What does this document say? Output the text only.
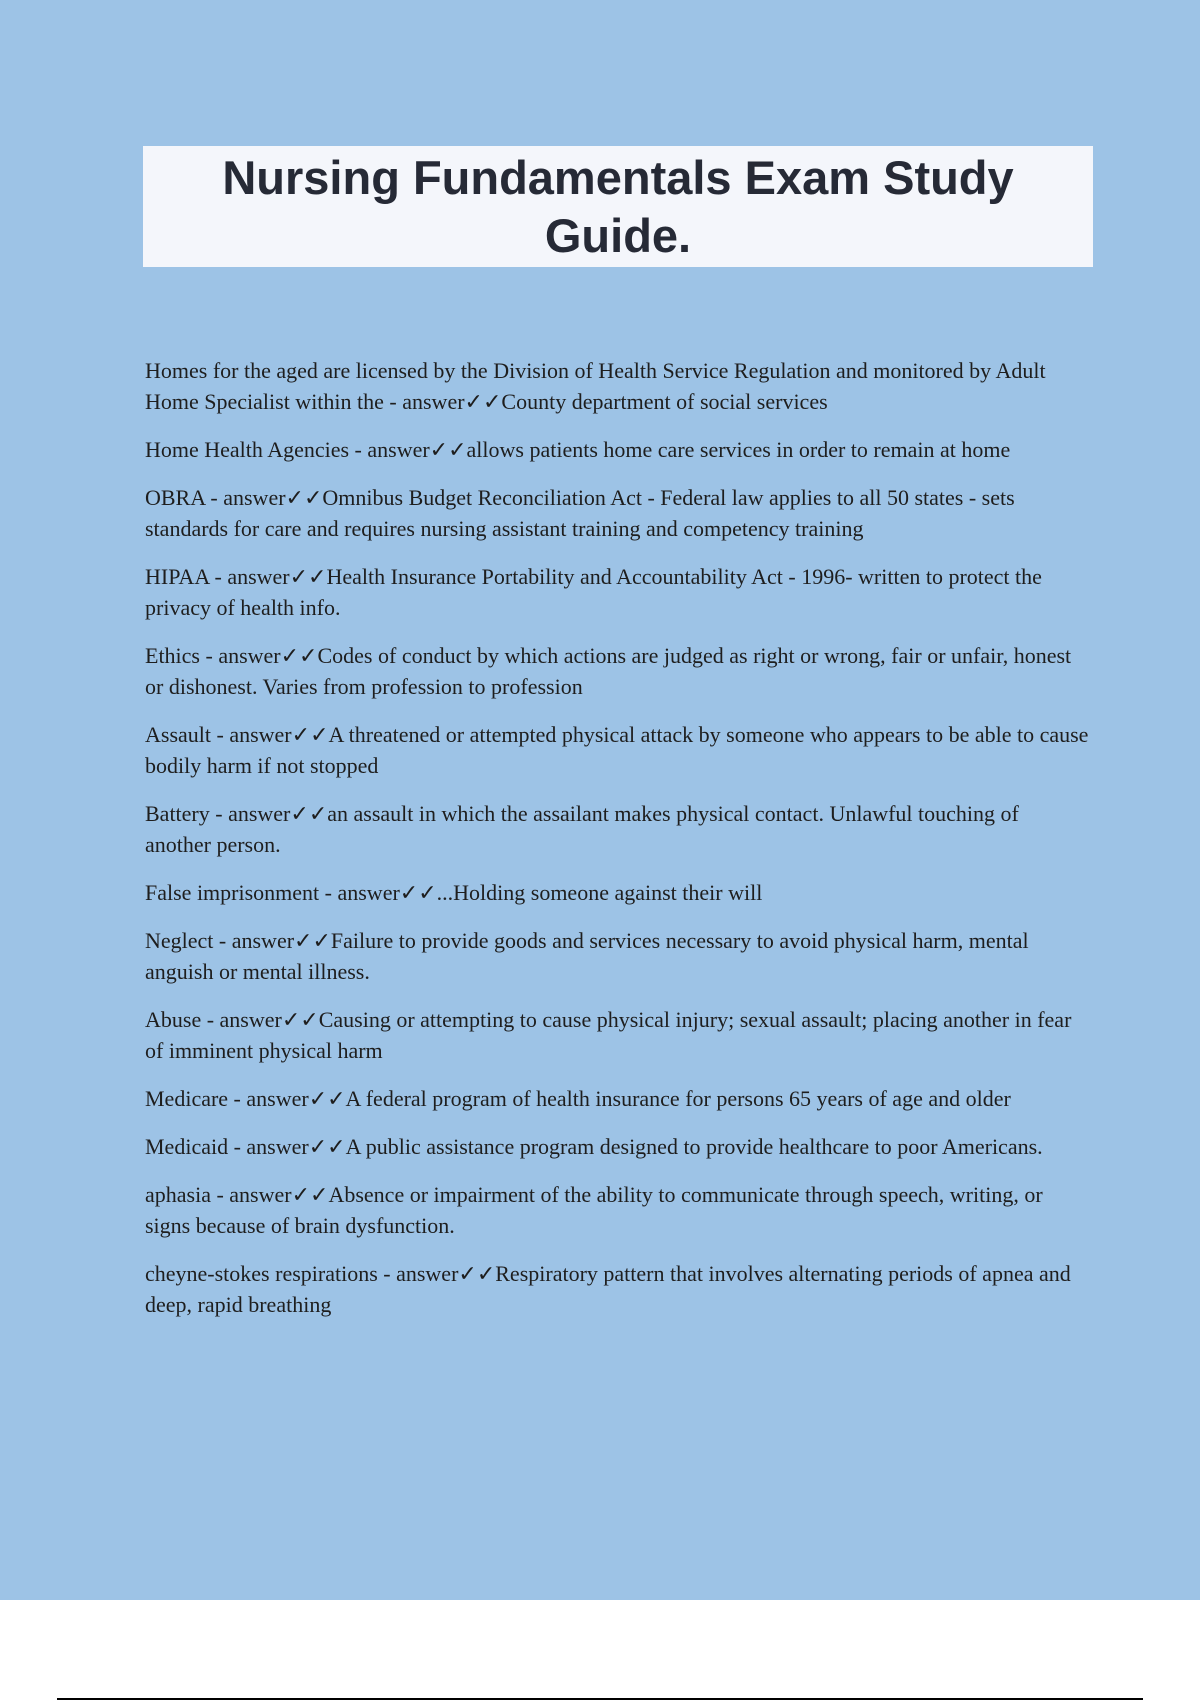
Nursing Fundamentals Exam Study Guide.

Homes for the aged are licensed by the Division of Health Service Regulation and monitored by Adult Home Specialist within the - answer✓✓County department of social services

Home Health Agencies - answer✓✓allows patients home care services in order to remain at home

OBRA - answer✓✓Omnibus Budget Reconciliation Act - Federal law applies to all 50 states - sets standards for care and requires nursing assistant training and competency training

HIPAA - answer✓✓Health Insurance Portability and Accountability Act - 1996- written to protect the privacy of health info.

Ethics - answer✓✓Codes of conduct by which actions are judged as right or wrong, fair or unfair, honest or dishonest. Varies from profession to profession

Assault - answer✓✓A threatened or attempted physical attack by someone who appears to be able to cause bodily harm if not stopped

Battery - answer✓✓an assault in which the assailant makes physical contact. Unlawful touching of another person.

False imprisonment - answer✓✓...Holding someone against their will

Neglect - answer✓✓Failure to provide goods and services necessary to avoid physical harm, mental anguish or mental illness.

Abuse - answer✓✓Causing or attempting to cause physical injury; sexual assault; placing another in fear of imminent physical harm

Medicare - answer✓✓A federal program of health insurance for persons 65 years of age and older

Medicaid - answer✓✓A public assistance program designed to provide healthcare to poor Americans.

aphasia - answer✓✓Absence or impairment of the ability to communicate through speech, writing, or signs because of brain dysfunction.

cheyne-stokes respirations - answer✓✓Respiratory pattern that involves alternating periods of apnea and deep, rapid breathing
